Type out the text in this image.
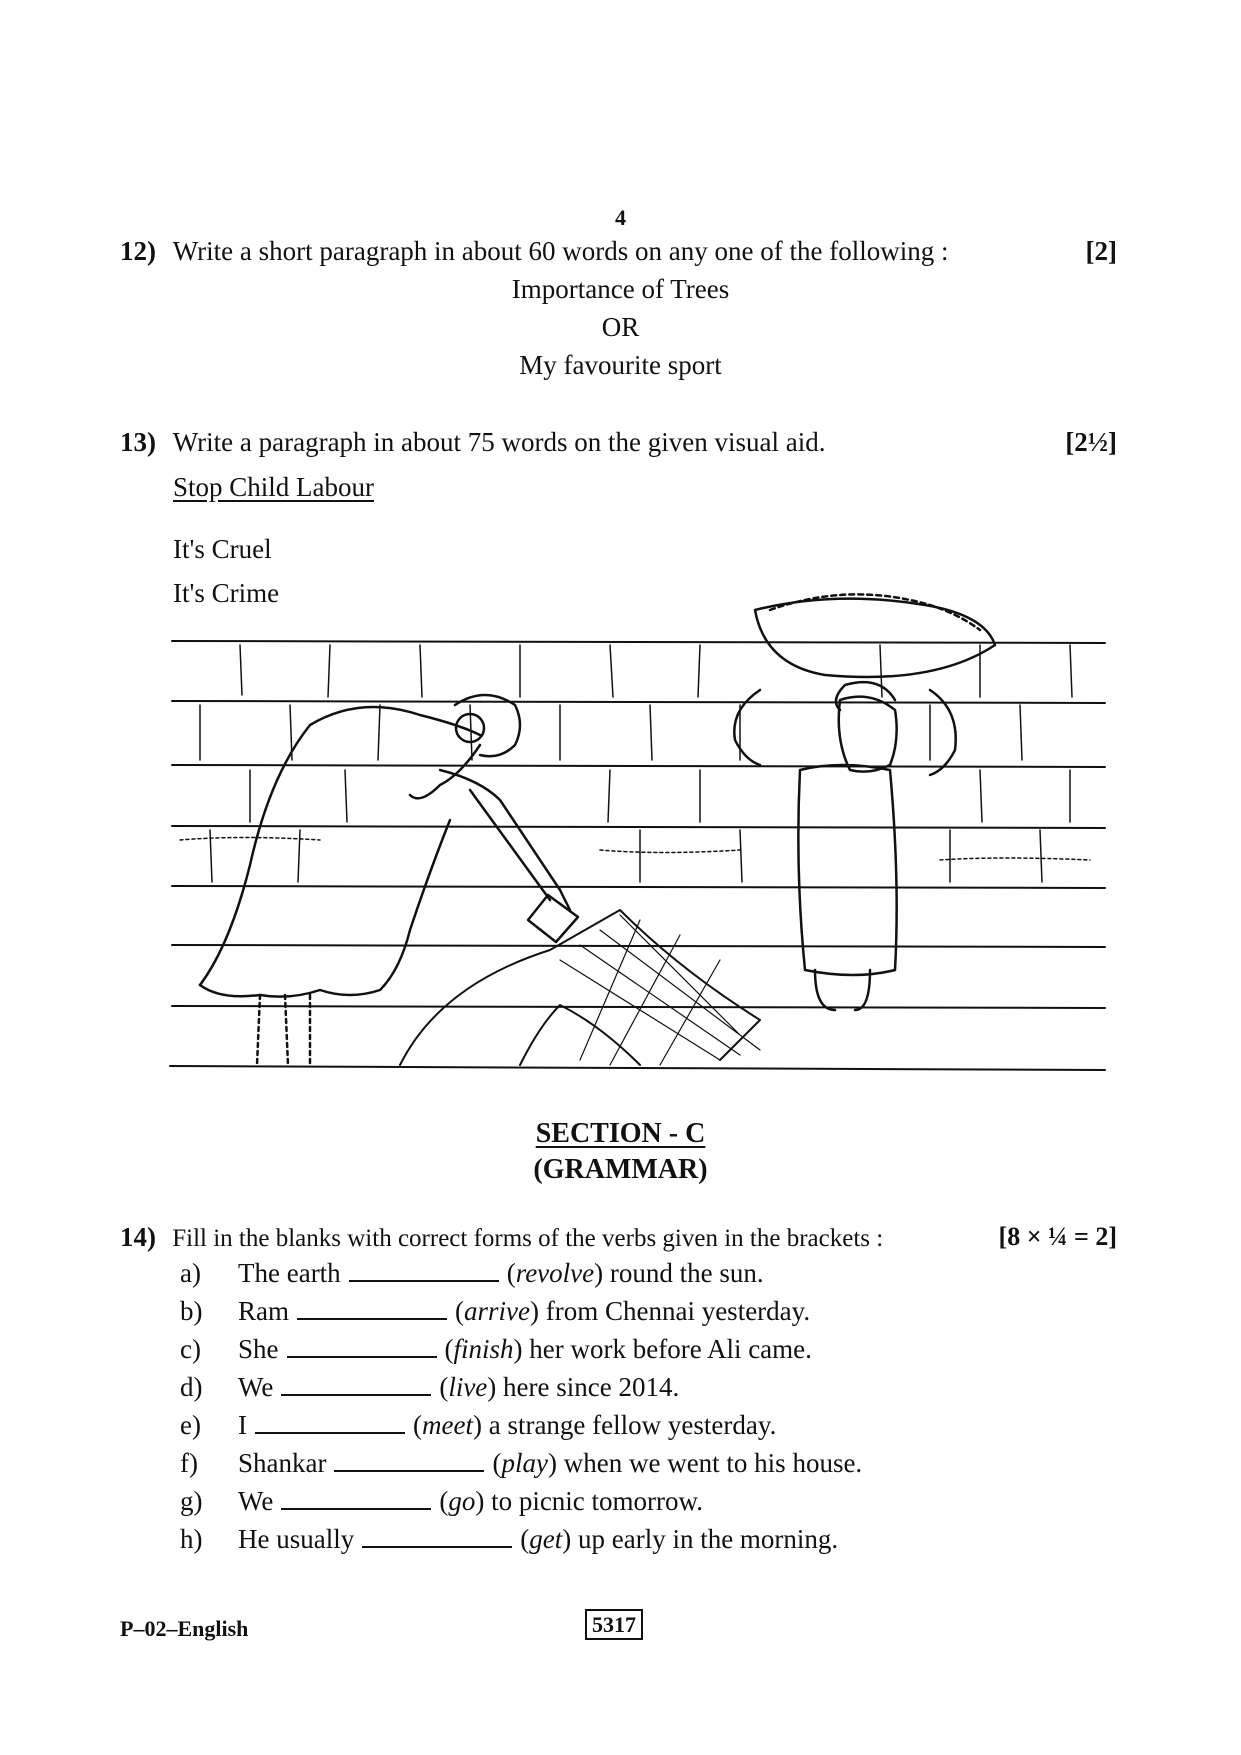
4
12) Write a short paragraph in about 60 words on any one of the following :	[2]
Importance of Trees
OR
My favourite sport
13) Write a paragraph in about 75 words on the given visual aid.	[2½]
Stop Child Labour
It's Cruel
It's Crime
SECTION - C
(GRAMMAR)
14) Fill in the blanks with correct forms of the verbs given in the brackets :	[8 × ¼ = 2]
a) The earth	(revolve) round the sun.
b) Ram	(arrive) from Chennai yesterday.
c) She	(finish) her work before Ali came.
d) We	(live) here since 2014.
e) I	(meet) a strange fellow yesterday.
f) Shankar	(play) when we went to his house.
g) We	(go) to picnic tomorrow.
h) He usually	(get) up early in the morning.
P–02–English	5317
